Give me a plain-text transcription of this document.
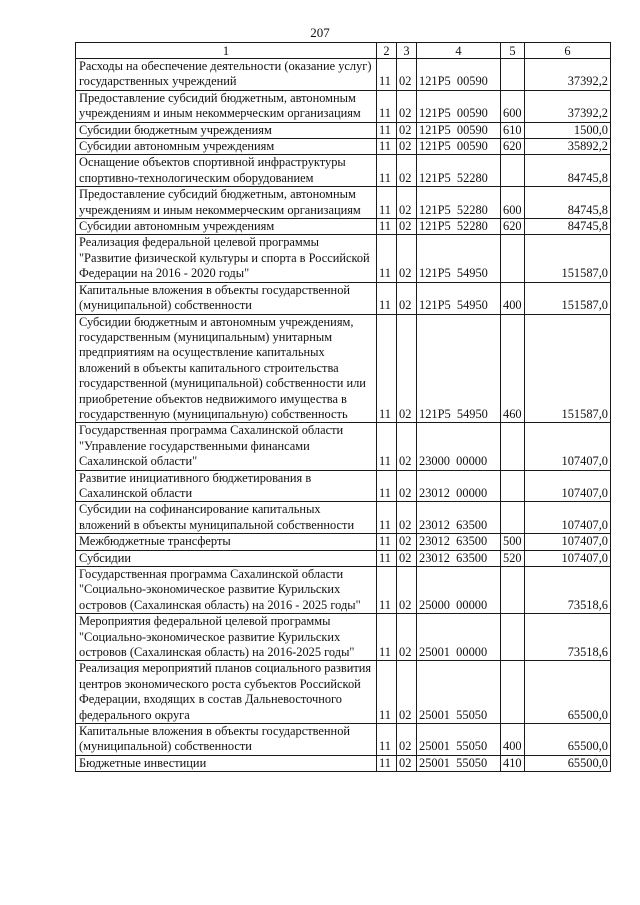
207
1	2	3	4	5	6
Расходы на обеспечение деятельности (оказание услуг) государственных учреждений	11	02	121P5  00590		37392,2
Предоставление субсидий бюджетным, автономным учреждениям и иным некоммерческим организациям	11	02	121P5  00590	600	37392,2
Субсидии бюджетным учреждениям	11	02	121P5  00590	610	1500,0
Субсидии автономным учреждениям	11	02	121P5  00590	620	35892,2
Оснащение объектов спортивной инфраструктуры спортивно-технологическим оборудованием	11	02	121P5  52280		84745,8
Предоставление субсидий бюджетным, автономным учреждениям и иным некоммерческим организациям	11	02	121P5  52280	600	84745,8
Субсидии автономным учреждениям	11	02	121P5  52280	620	84745,8
Реализация федеральной целевой программы "Развитие физической культуры и спорта в Российской Федерации на 2016 - 2020 годы"	11	02	121P5  54950		151587,0
Капитальные вложения в объекты государственной (муниципальной) собственности	11	02	121P5  54950	400	151587,0
Субсидии бюджетным и автономным учреждениям, государственным (муниципальным) унитарным предприятиям на осуществление капитальных вложений в объекты капитального строительства государственной (муниципальной) собственности или приобретение объектов недвижимого имущества в государственную (муниципальную) собственность	11	02	121P5  54950	460	151587,0
Государственная программа Сахалинской области "Управление государственными финансами Сахалинской области"	11	02	23000  00000		107407,0
Развитие инициативного бюджетирования в Сахалинской области	11	02	23012  00000		107407,0
Субсидии на софинансирование капитальных вложений в объекты муниципальной собственности	11	02	23012  63500		107407,0
Межбюджетные трансферты	11	02	23012  63500	500	107407,0
Субсидии	11	02	23012  63500	520	107407,0
Государственная программа Сахалинской области "Социально-экономическое развитие Курильских островов (Сахалинская область) на 2016 - 2025 годы"	11	02	25000  00000		73518,6
Мероприятия федеральной целевой программы "Социально-экономическое развитие Курильских островов (Сахалинская область) на 2016-2025 годы"	11	02	25001  00000		73518,6
Реализация мероприятий планов социального развития центров экономического роста субъектов Российской Федерации, входящих в состав Дальневосточного федерального округа	11	02	25001  55050		65500,0
Капитальные вложения в объекты государственной (муниципальной) собственности	11	02	25001  55050	400	65500,0
Бюджетные инвестиции	11	02	25001  55050	410	65500,0
